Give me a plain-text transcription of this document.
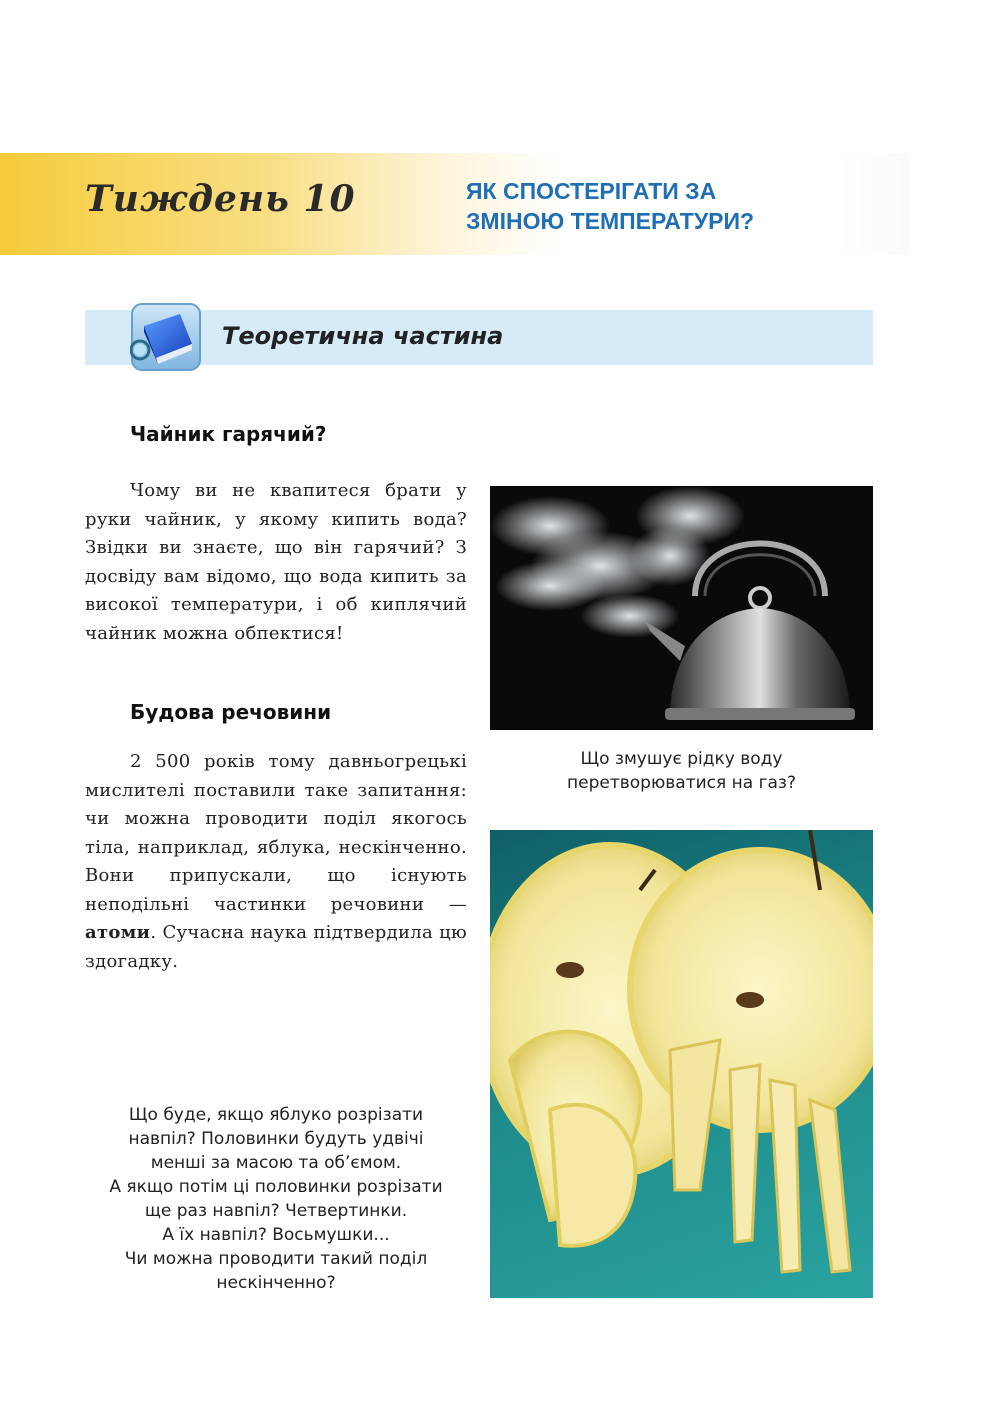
Тиждень 10	ЯК СПОСТЕРІГАТИ ЗА
ЗМІНОЮ ТЕМПЕРАТУРИ?
Теоретична частина
Чайник гарячий?

Чому ви не квапитеся брати у руки чайник, у якому кипить вода? Звідки ви знаєте, що він гарячий? З досвіду вам відомо, що вода кипить за високої температури, і об киплячий чайник можна обпектися!

Будова речовини

2 500 років тому давньогрецькі мислителі поставили таке запитання: чи можна проводити поділ якогось тіла, наприклад, яблука, нескінченно. Вони припускали, що існують неподільні частинки речовини — атоми. Сучасна наука підтвердила цю здогадку.

Що змушує рідку воду
перетворюватися на газ?
Що буде, якщо яблуко розрізати
навпіл? Половинки будуть удвічі
менші за масою та об’ємом.
А якщо потім ці половинки розрізати
ще раз навпіл? Четвертинки.
А їх навпіл? Восьмушки...
Чи можна проводити такий поділ
нескінченно?
